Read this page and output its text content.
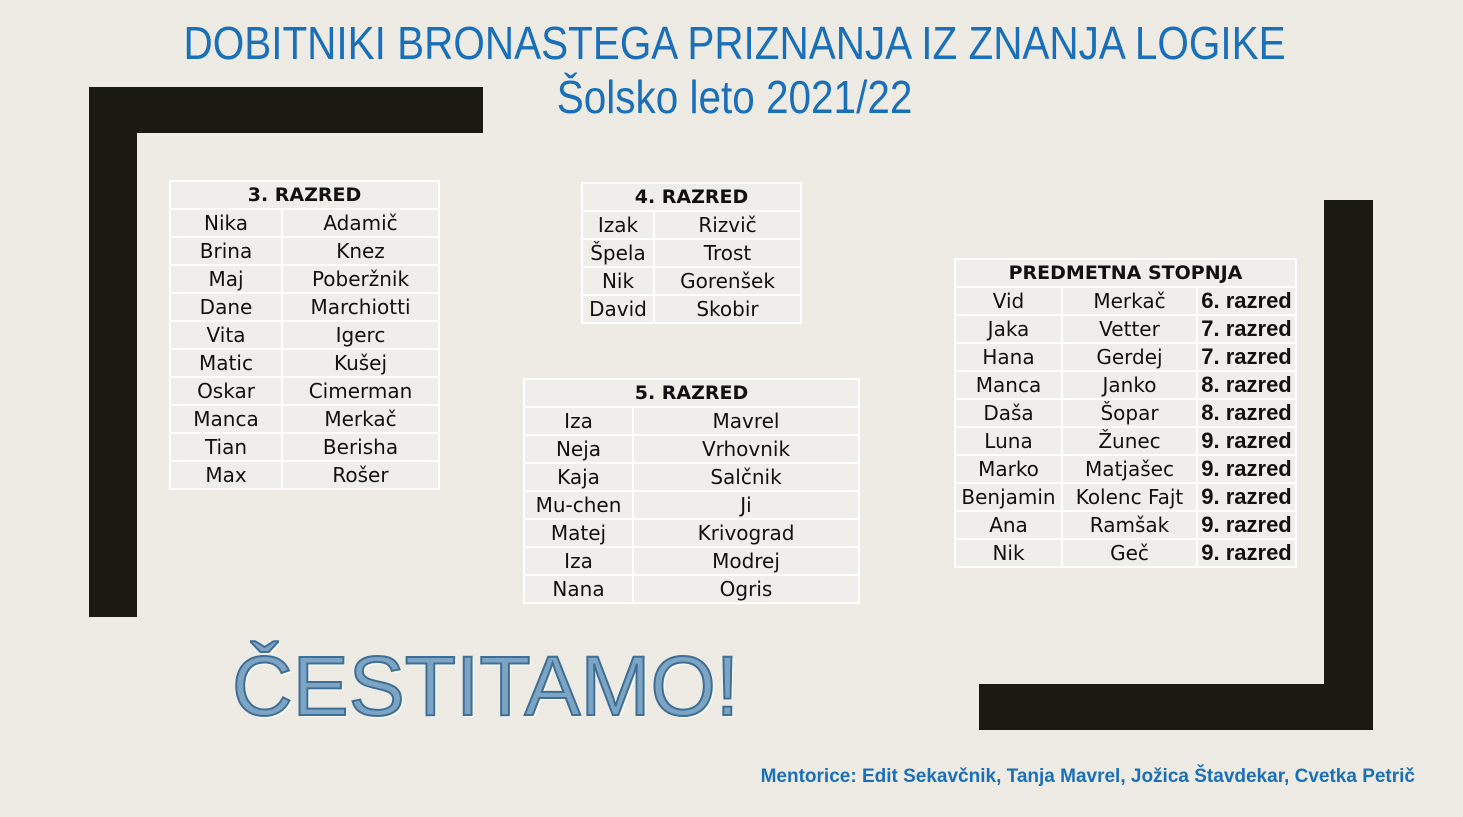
DOBITNIKI BRONASTEGA PRIZNANJA IZ ZNANJA LOGIKE
Šolsko leto 2021/22
3. RAZRED	
Nika	Adamič
Brina	Knez
Maj	Poberžnik
Dane	Marchiotti
Vita	Igerc
Matic	Kušej
Oskar	Cimerman
Manca	Merkač
Tian	Berisha
Max	Rošer
4. RAZRED	
Izak	Rizvič
Špela	Trost
Nik	Gorenšek
David	Skobir
5. RAZRED	
Iza	Mavrel
Neja	Vrhovnik
Kaja	Salčnik
Mu-chen	Ji
Matej	Krivograd
Iza	Modrej
Nana	Ogris
PREDMETNA STOPNJA		
Vid	Merkač	6. razred
Jaka	Vetter	7. razred
Hana	Gerdej	7. razred
Manca	Janko	8. razred
Daša	Šopar	8. razred
Luna	Žunec	9. razred
Marko	Matjašec	9. razred
Benjamin	Kolenc Fajt	9. razred
Ana	Ramšak	9. razred
Nik	Geč	9. razred
ČESTITAMO!
Mentorice: Edit Sekavčnik, Tanja Mavrel, Jožica Štavdekar, Cvetka Petrič
